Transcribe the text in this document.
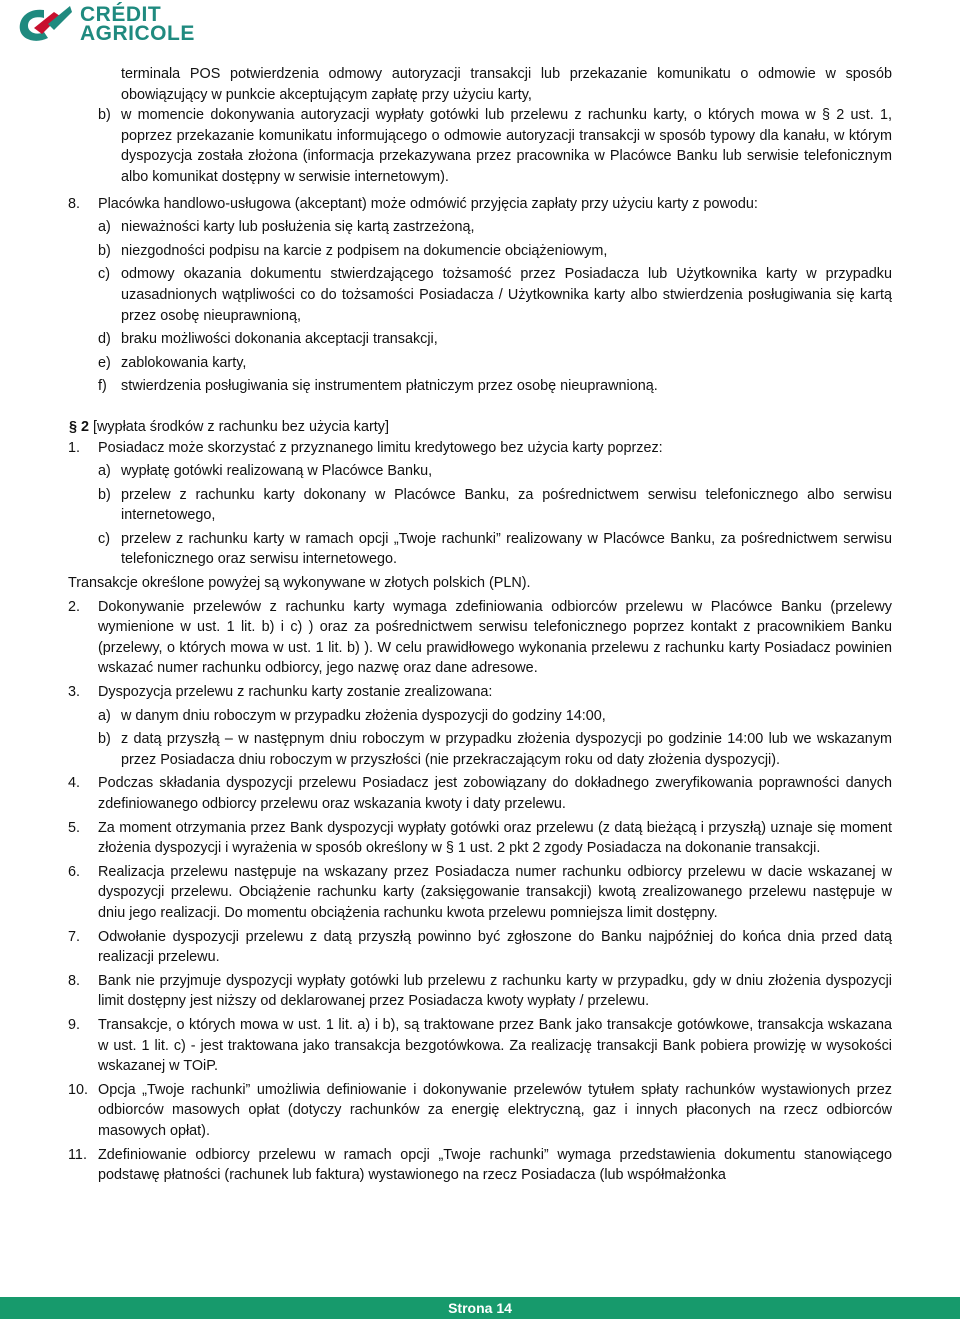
CRÉDIT
AGRICOLE
terminala POS potwierdzenia odmowy autoryzacji transakcji lub przekazanie komunikatu o odmowie w sposób obowiązujący w punkcie akceptującym zapłatę przy użyciu karty,
b) w momencie dokonywania autoryzacji wypłaty gotówki lub przelewu z rachunku karty, o których mowa w § 2 ust. 1, poprzez przekazanie komunikatu informującego o odmowie autoryzacji transakcji w sposób typowy dla kanału, w którym dyspozycja została złożona (informacja przekazywana przez pracownika w Placówce Banku lub serwisie telefonicznym albo komunikat dostępny w serwisie internetowym).
8.	Placówka handlowo-usługowa (akceptant) może odmówić przyjęcia zapłaty przy użyciu karty z powodu:
a) nieważności karty lub posłużenia się kartą zastrzeżoną,
b) niezgodności podpisu na karcie z podpisem na dokumencie obciążeniowym,
c) odmowy okazania dokumentu stwierdzającego tożsamość przez Posiadacza lub Użytkownika karty w przypadku uzasadnionych wątpliwości co do tożsamości Posiadacza / Użytkownika karty albo stwierdzenia posługiwania się kartą przez osobę nieuprawnioną,
d) braku możliwości dokonania akceptacji transakcji,
e) zablokowania karty,
f) stwierdzenia posługiwania się instrumentem płatniczym przez osobę nieuprawnioną.

§ 2 [wypłata środków z rachunku bez użycia karty]

1.	Posiadacz może skorzystać z przyznanego limitu kredytowego bez użycia karty poprzez:
a) wypłatę gotówki realizowaną w Placówce Banku,
b) przelew z rachunku karty dokonany w Placówce Banku, za pośrednictwem serwisu telefonicznego albo serwisu internetowego,
c) przelew z rachunku karty w ramach opcji „Twoje rachunki” realizowany w Placówce Banku, za pośrednictwem serwisu telefonicznego oraz serwisu internetowego.

Transakcje określone powyżej są wykonywane w złotych polskich (PLN).

2.	Dokonywanie przelewów z rachunku karty wymaga zdefiniowania odbiorców przelewu w Placówce Banku (przelewy wymienione w ust. 1 lit. b) i c) ) oraz za pośrednictwem serwisu telefonicznego poprzez kontakt z pracownikiem Banku (przelewy, o których mowa w ust. 1 lit. b) ). W celu prawidłowego wykonania przelewu z rachunku karty Posiadacz powinien wskazać numer rachunku odbiorcy, jego nazwę oraz dane adresowe.
3.	Dyspozycja przelewu z rachunku karty zostanie zrealizowana:
a) w danym dniu roboczym w przypadku złożenia dyspozycji do godziny 14:00,
b) z datą przyszłą – w następnym dniu roboczym w przypadku złożenia dyspozycji po godzinie 14:00 lub we wskazanym przez Posiadacza dniu roboczym w przyszłości (nie przekraczającym roku od daty złożenia dyspozycji).
4.	Podczas składania dyspozycji przelewu Posiadacz jest zobowiązany do dokładnego zweryfikowania poprawności danych zdefiniowanego odbiorcy przelewu oraz wskazania kwoty i daty przelewu.
5.	Za moment otrzymania przez Bank dyspozycji wypłaty gotówki oraz przelewu (z datą bieżącą i przyszłą) uznaje się moment złożenia dyspozycji i wyrażenia w sposób określony w § 1 ust. 2 pkt 2 zgody Posiadacza na dokonanie transakcji.
6.	Realizacja przelewu następuje na wskazany przez Posiadacza numer rachunku odbiorcy przelewu w dacie wskazanej w dyspozycji przelewu. Obciążenie rachunku karty (zaksięgowanie transakcji) kwotą zrealizowanego przelewu następuje w dniu jego realizacji. Do momentu obciążenia rachunku kwota przelewu pomniejsza limit dostępny.
7.	Odwołanie dyspozycji przelewu z datą przyszłą powinno być zgłoszone do Banku najpóźniej do końca dnia przed datą realizacji przelewu.
8.	Bank nie przyjmuje dyspozycji wypłaty gotówki lub przelewu z rachunku karty w przypadku, gdy w dniu złożenia dyspozycji limit dostępny jest niższy od deklarowanej przez Posiadacza kwoty wypłaty / przelewu.
9.	Transakcje, o których mowa w ust. 1 lit. a) i b), są traktowane przez Bank jako transakcje gotówkowe, transakcja wskazana w ust. 1 lit. c) - jest traktowana jako transakcja bezgotówkowa. Za realizację transakcji Bank pobiera prowizję w wysokości wskazanej w TOiP.
10. Opcja „Twoje rachunki” umożliwia definiowanie i dokonywanie przelewów tytułem spłaty rachunków wystawionych przez odbiorców masowych opłat (dotyczy rachunków za energię elektryczną, gaz i innych płaconych na rzecz odbiorców masowych opłat).
11. Zdefiniowanie odbiorcy przelewu w ramach opcji „Twoje rachunki” wymaga przedstawienia dokumentu stanowiącego podstawę płatności (rachunek lub faktura) wystawionego na rzecz Posiadacza (lub współmałżonka
Strona 14
